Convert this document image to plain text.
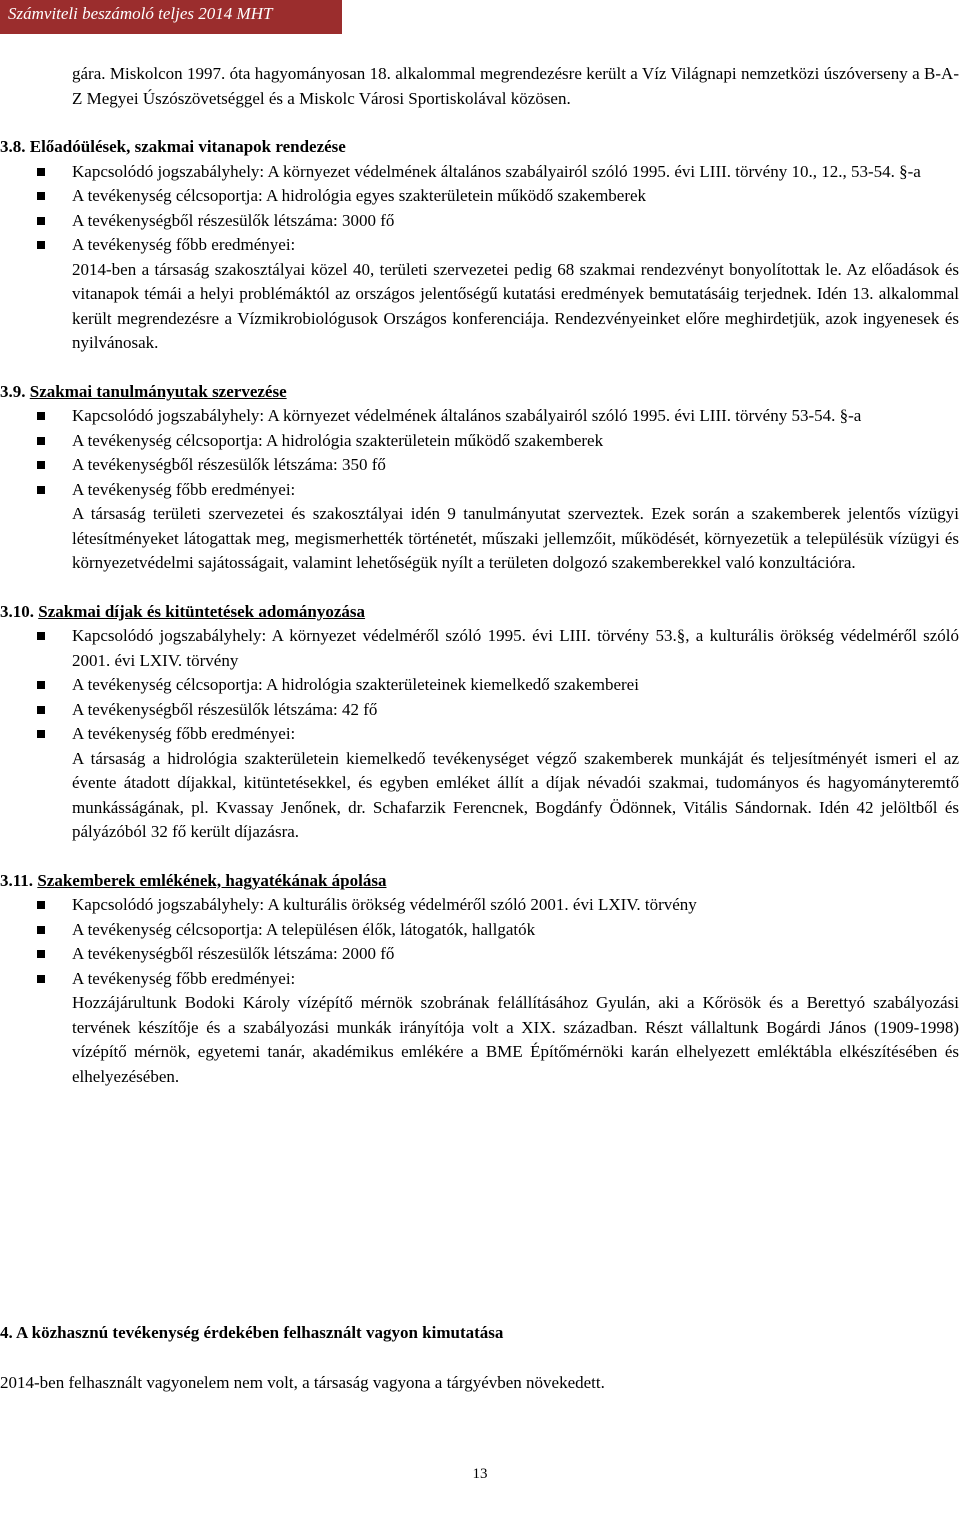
Számviteli beszámoló teljes 2014 MHT

gára. Miskolcon 1997. óta hagyományosan 18. alkalommal megrendezésre került a Víz Világnapi nemzetközi úszóverseny a B-A-Z Megyei Úszószövetséggel és a Miskolc Városi Sportiskolával közösen.

3.8. Előadóülések, szakmai vitanapok rendezése
Kapcsolódó jogszabályhely: A környezet védelmének általános szabályairól szóló 1995. évi LIII. törvény 10., 12., 53-54. §-a
A tevékenység célcsoportja: A hidrológia egyes szakterületein működő szakemberek
A tevékenységből részesülők létszáma: 3000 fő
A tevékenység főbb eredményei:

2014-ben a társaság szakosztályai közel 40, területi szervezetei pedig 68 szakmai rendezvényt bonyolítottak le. Az előadások és vitanapok témái a helyi problémáktól az országos jelentőségű kutatási eredmények bemutatásáig terjednek. Idén 13. alkalommal került megrendezésre a Vízmikrobiológusok Országos konferenciája. Rendezvényeinket előre meghirdetjük, azok ingyenesek és nyilvánosak.

3.9. Szakmai tanulmányutak szervezése
Kapcsolódó jogszabályhely: A környezet védelmének általános szabályairól szóló 1995. évi LIII. törvény 53-54. §-a
A tevékenység célcsoportja: A hidrológia szakterületein működő szakemberek
A tevékenységből részesülők létszáma: 350 fő
A tevékenység főbb eredményei:

A társaság területi szervezetei és szakosztályai idén 9 tanulmányutat szerveztek. Ezek során a szakemberek jelentős vízügyi létesítményeket látogattak meg, megismerhették történetét, műszaki jellemzőit, működését, környezetük a településük vízügyi és környezetvédelmi sajátosságait, valamint lehetőségük nyílt a területen dolgozó szakemberekkel való konzultációra.

3.10. Szakmai díjak és kitüntetések adományozása
Kapcsolódó jogszabályhely: A környezet védelméről szóló 1995. évi LIII. törvény 53.§, a kulturális örökség védelméről szóló 2001. évi LXIV. törvény
A tevékenység célcsoportja: A hidrológia szakterületeinek kiemelkedő szakemberei
A tevékenységből részesülők létszáma: 42 fő
A tevékenység főbb eredményei:

A társaság a hidrológia szakterületein kiemelkedő tevékenységet végző szakemberek munkáját és teljesítményét ismeri el az évente átadott díjakkal, kitüntetésekkel, és egyben emléket állít a díjak névadói szakmai, tudományos és hagyományteremtő munkásságának, pl. Kvassay Jenőnek, dr. Schafarzik Ferencnek, Bogdánfy Ödönnek, Vitális Sándornak. Idén 42 jelöltből és pályázóból 32 fő került díjazásra.

3.11. Szakemberek emlékének, hagyatékának ápolása
Kapcsolódó jogszabályhely: A kulturális örökség védelméről szóló 2001. évi LXIV. törvény
A tevékenység célcsoportja: A településen élők, látogatók, hallgatók
A tevékenységből részesülők létszáma: 2000 fő
A tevékenység főbb eredményei:

Hozzájárultunk Bodoki Károly vízépítő mérnök szobrának felállításához Gyulán, aki a Kőrösök és a Berettyó szabályozási tervének készítője és a szabályozási munkák irányítója volt a XIX. században. Részt vállaltunk Bogárdi János (1909-1998) vízépítő mérnök, egyetemi tanár, akadémikus emlékére a BME Építőmérnöki karán elhelyezett emléktábla elkészítésében és elhelyezésében.

4. A közhasznú tevékenység érdekében felhasznált vagyon kimutatása
2014-ben felhasznált vagyonelem nem volt, a társaság vagyona a tárgyévben növekedett.
13
